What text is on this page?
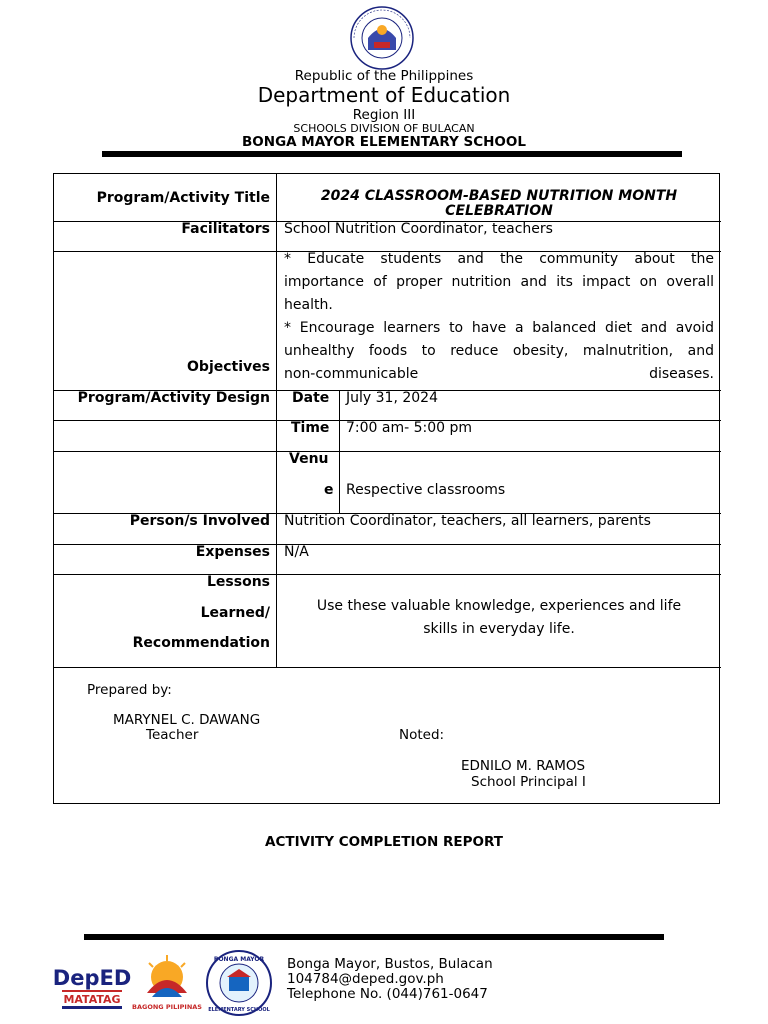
Republic of the Philippines
Department of Education
Region III
SCHOOLS DIVISION OF BULACAN
BONGA MAYOR ELEMENTARY SCHOOL
Program/Activity Title	2024 CLASSROOM-BASED NUTRITION MONTH CELEBRATION
Facilitators School Nutrition Coordinator, teachers
Objectives
* Educate students and the community about the
importance of proper nutrition and its impact on overall
health.
* Encourage learners to have a balanced diet and avoid
unhealthy foods to reduce obesity, malnutrition, and
non-communicable diseases.
Program/Activity Design Date July 31, 2024
Time 7:00 am- 5:00 pm
Venu
e Respective classrooms
Person/s Involved Nutrition Coordinator, teachers, all learners, parents
Expenses N/A
Lessons
Learned/
Recommendation
Use these valuable knowledge, experiences and life
skills in everyday life.
Prepared by:
MARYNEL C. DAWANG
Teacher	Noted:
EDNILO M. RAMOS
School Principal I
ACTIVITY COMPLETION REPORT
DepED
MATATAG
BAGONG PILIPINAS
BONGA MAYOR
ELEMENTARY SCHOOL
Bonga Mayor, Bustos, Bulacan
104784@deped.gov.ph
Telephone No. (044)761-0647
